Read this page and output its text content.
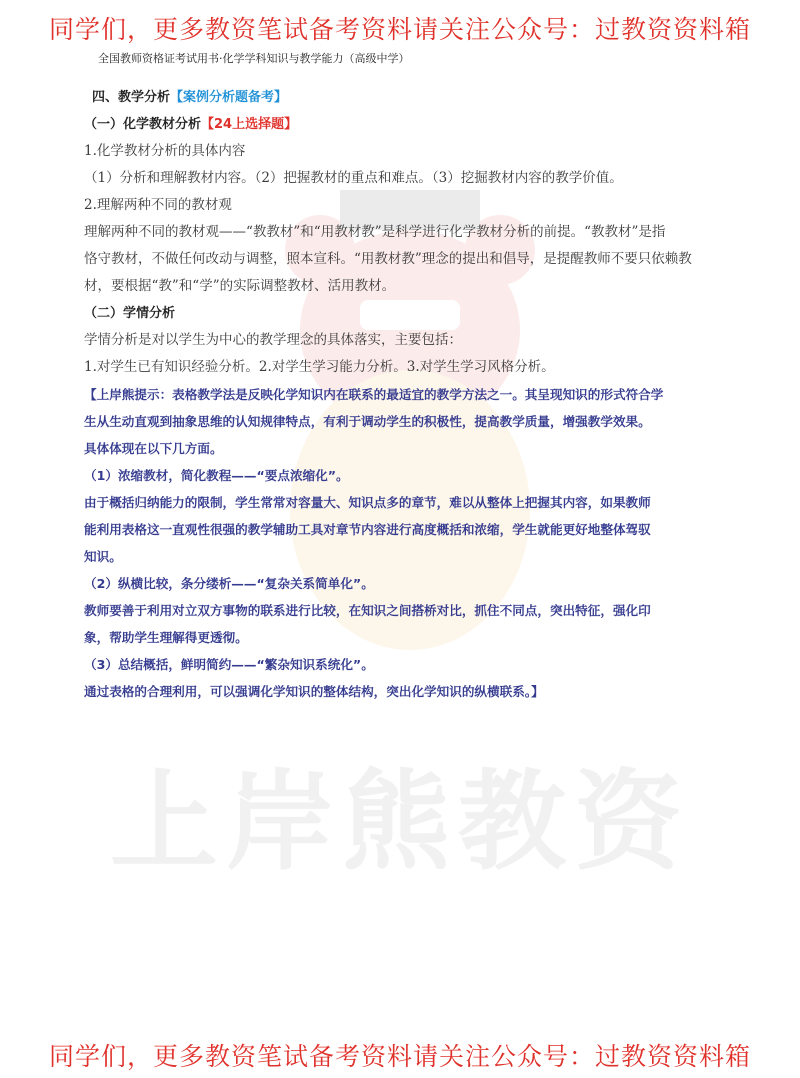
同学们，更多教资笔试备考资料请关注公众号：过教资资料箱
全国教师资格证考试用书·化学学科知识与教学能力（高级中学）
上岸熊教资
四、教学分析【案例分析题备考】
（一）化学教材分析【24上选择题】
1.化学教材分析的具体内容
（1）分析和理解教材内容。（2）把握教材的重点和难点。（3）挖掘教材内容的教学价值。
2.理解两种不同的教材观
理解两种不同的教材观——“教教材”和“用教材教”是科学进行化学教材分析的前提。“教教材”是指
恪守教材，不做任何改动与调整，照本宣科。“用教材教”理念的提出和倡导，是提醒教师不要只依赖教
材，要根据“教”和“学”的实际调整教材、活用教材。
（二）学情分析
学情分析是对以学生为中心的教学理念的具体落实，主要包括：
1.对学生已有知识经验分析。2.对学生学习能力分析。3.对学生学习风格分析。
【上岸熊提示：表格教学法是反映化学知识内在联系的最适宜的教学方法之一。其呈现知识的形式符合学
生从生动直观到抽象思维的认知规律特点，有利于调动学生的积极性，提高教学质量，增强教学效果。
具体体现在以下几方面。
（1）浓缩教材，简化教程——“要点浓缩化”。
由于概括归纳能力的限制，学生常常对容量大、知识点多的章节，难以从整体上把握其内容，如果教师
能利用表格这一直观性很强的教学辅助工具对章节内容进行高度概括和浓缩，学生就能更好地整体驾驭
知识。
（2）纵横比较，条分缕析——“复杂关系简单化”。
教师要善于利用对立双方事物的联系进行比较，在知识之间搭桥对比，抓住不同点，突出特征，强化印
象，帮助学生理解得更透彻。
（3）总结概括，鲜明简约——“繁杂知识系统化”。
通过表格的合理利用，可以强调化学知识的整体结构，突出化学知识的纵横联系。】
同学们，更多教资笔试备考资料请关注公众号：过教资资料箱
